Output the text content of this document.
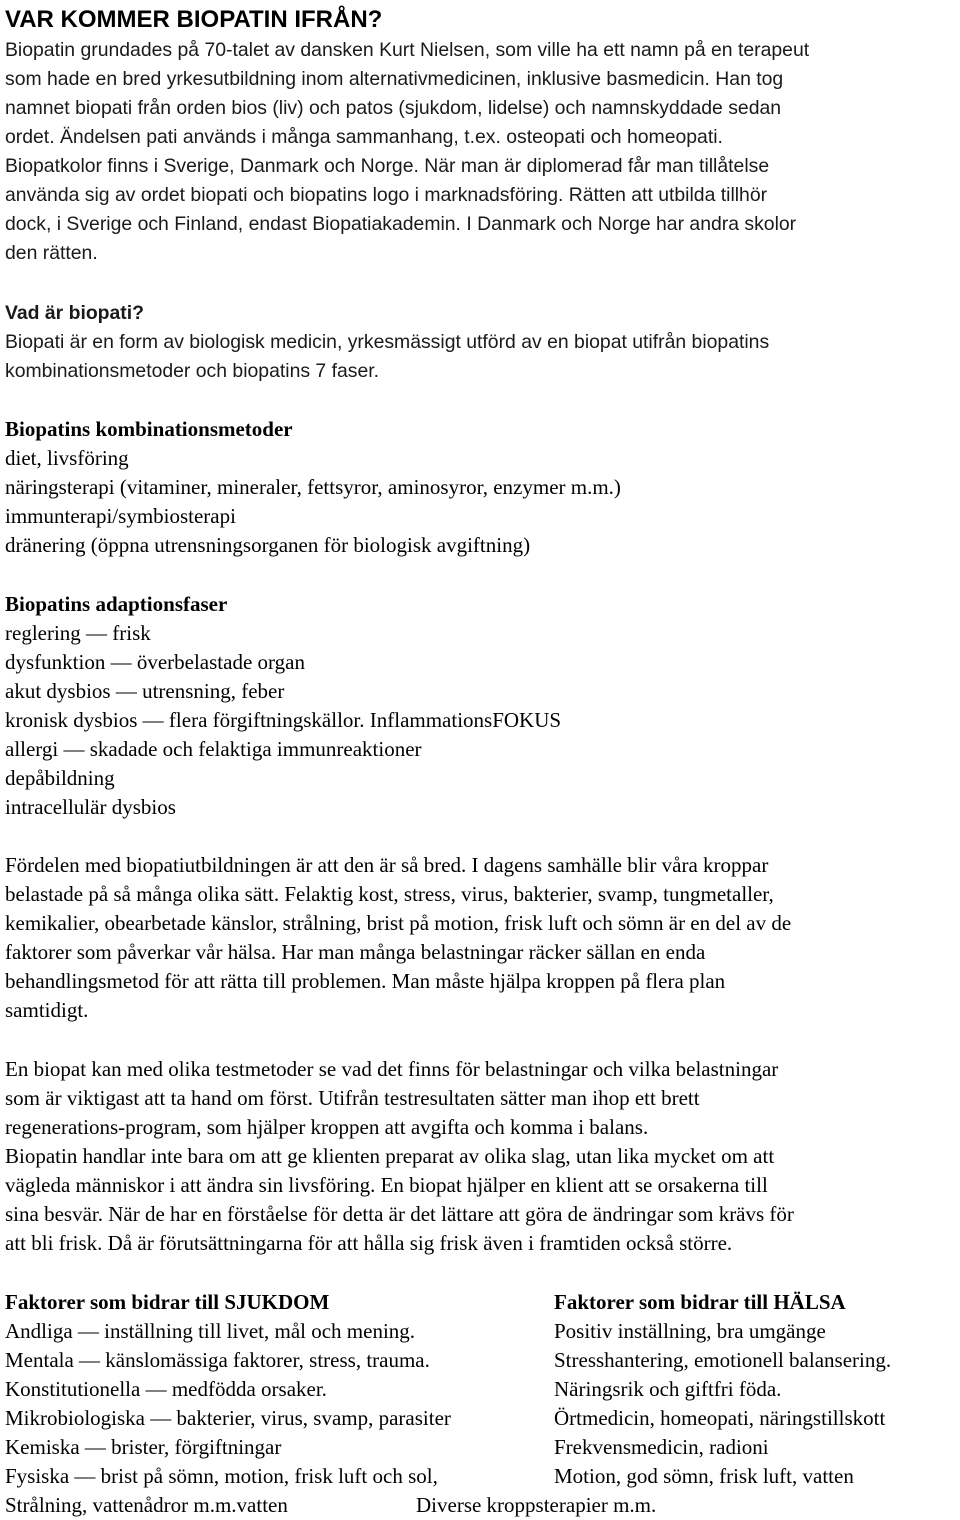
VAR KOMMER BIOPATIN IFRÅN?
Biopatin grundades på 70-talet av dansken Kurt Nielsen, som ville ha ett namn på en terapeut
som hade en bred yrkesutbildning inom alternativmedicinen, inklusive basmedicin. Han tog
namnet biopati från orden bios (liv) och patos (sjukdom, lidelse) och namnskyddade sedan
ordet. Ändelsen pati används i många sammanhang, t.ex. osteopati och homeopati.
Biopatkolor finns i Sverige, Danmark och Norge. När man är diplomerad får man tillåtelse
använda sig av ordet biopati och biopatins logo i marknadsföring. Rätten att utbilda tillhör
dock, i Sverige och Finland, endast Biopatiakademin. I Danmark och Norge har andra skolor
den rätten.
Vad är biopati?
Biopati är en form av biologisk medicin, yrkesmässigt utförd av en biopat utifrån biopatins
kombinationsmetoder och biopatins 7 faser.
Biopatins kombinationsmetoder
diet, livsföring
näringsterapi (vitaminer, mineraler, fettsyror, aminosyror, enzymer m.m.)
immunterapi/symbiosterapi
dränering (öppna utrensningsorganen för biologisk avgiftning)
Biopatins adaptionsfaser
reglering — frisk
dysfunktion — överbelastade organ
akut dysbios — utrensning, feber
kronisk dysbios — flera förgiftningskällor. InflammationsFOKUS
allergi — skadade och felaktiga immunreaktioner
depåbildning
intracellulär dysbios
Fördelen med biopatiutbildningen är att den är så bred. I dagens samhälle blir våra kroppar
belastade på så många olika sätt. Felaktig kost, stress, virus, bakterier, svamp, tungmetaller,
kemikalier, obearbetade känslor, strålning, brist på motion, frisk luft och sömn är en del av de
faktorer som påverkar vår hälsa. Har man många belastningar räcker sällan en enda
behandlingsmetod för att rätta till problemen. Man måste hjälpa kroppen på flera plan
samtidigt.
En biopat kan med olika testmetoder se vad det finns för belastningar och vilka belastningar
som är viktigast att ta hand om först. Utifrån testresultaten sätter man ihop ett brett
regenerations-program, som hjälper kroppen att avgifta och komma i balans.
Biopatin handlar inte bara om att ge klienten preparat av olika slag, utan lika mycket om att
vägleda människor i att ändra sin livsföring. En biopat hjälper en klient att se orsakerna till
sina besvär. När de har en förståelse för detta är det lättare att göra de ändringar som krävs för
att bli frisk. Då är förutsättningarna för att hålla sig frisk även i framtiden också större.
Faktorer som bidrar till SJUKDOM	Faktorer som bidrar till HÄLSA
Andliga — inställning till livet, mål och mening.
Mentala — känslomässiga faktorer, stress, trauma.
Konstitutionella — medfödda orsaker.
Mikrobiologiska — bakterier, virus, svamp, parasiter
Kemiska — brister, förgiftningar
Fysiska — brist på sömn, motion, frisk luft och sol,
Strålning, vattenådror m.m.vatten
Positiv inställning, bra umgänge
Stresshantering, emotionell balansering.
Näringsrik och giftfri föda.
Örtmedicin, homeopati, näringstillskott
Frekvensmedicin, radioni
Motion, god sömn, frisk luft, vatten
Diverse kroppsterapier m.m.
